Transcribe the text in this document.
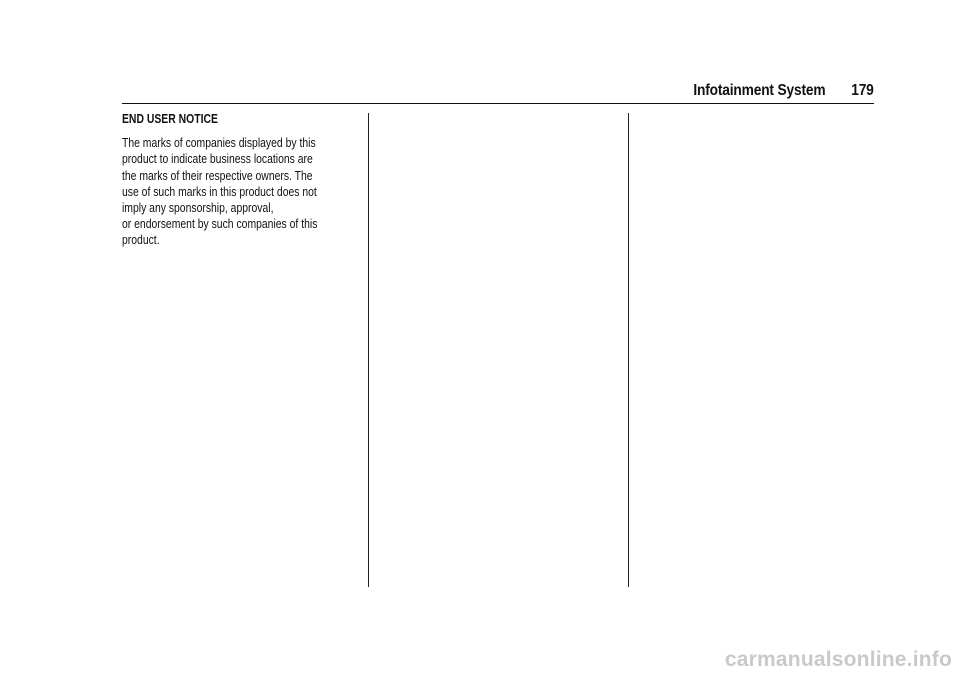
Infotainment System 179
END USER NOTICE
The marks of companies displayed by this
product to indicate business locations are
the marks of their respective owners. The
use of such marks in this product does not
imply any sponsorship, approval,
or endorsement by such companies of this
product.
carmanualsonline.info
